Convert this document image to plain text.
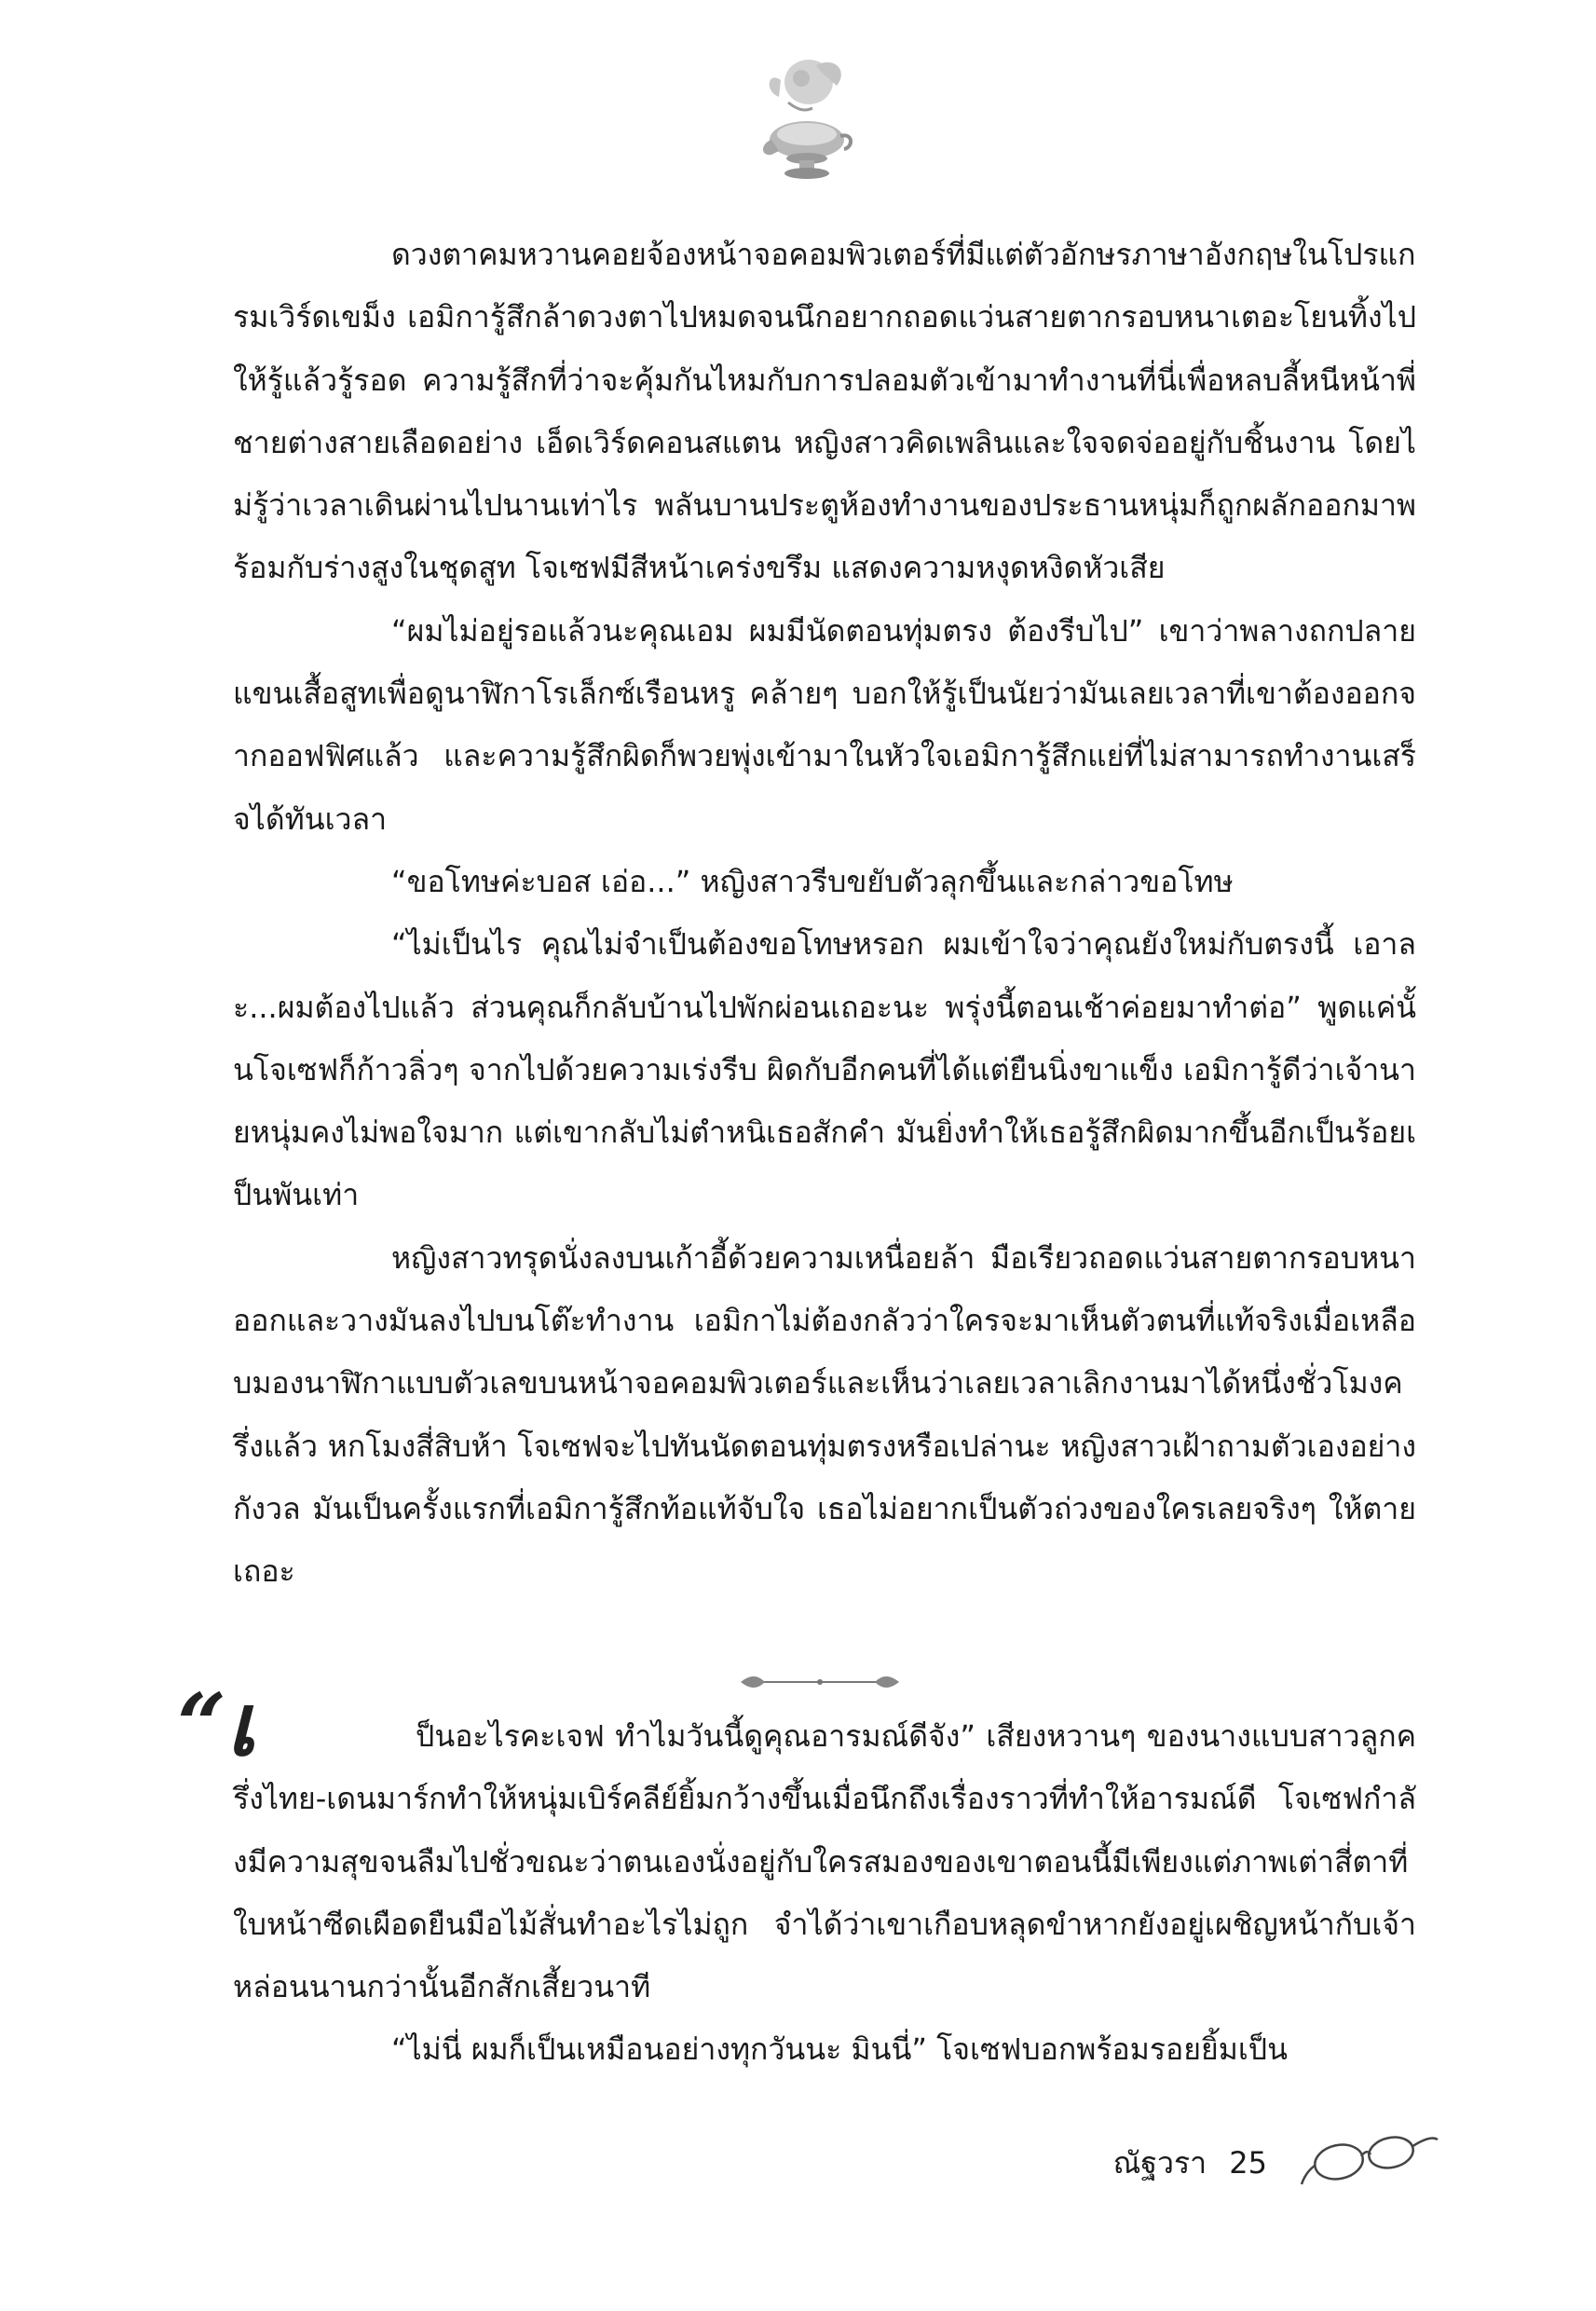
ดวงตาคมหวานคอยจ้องหน้าจอคอมพิวเตอร์ที่มีแต่ตัวอักษรภาษาอังกฤษในโปรแกรมเวิร์ดเขม็ง เอมิการู้สึกล้าดวงตาไปหมดจนนึกอยากถอดแว่นสายตากรอบหนาเตอะโยนทิ้งไปให้รู้แล้วรู้รอด ความรู้สึกที่ว่าจะคุ้มกันไหมกับการปลอมตัวเข้ามาทำงานที่นี่เพื่อหลบลี้หนีหน้าพี่ชายต่างสายเลือดอย่าง เอ็ดเวิร์ดคอนสแตน หญิงสาวคิดเพลินและใจจดจ่ออยู่กับชิ้นงาน โดยไม่รู้ว่าเวลาเดินผ่านไปนานเท่าไร พลันบานประตูห้องทำงานของประธานหนุ่มก็ถูกผลักออกมาพร้อมกับร่างสูงในชุดสูท โจเซฟมีสีหน้าเคร่งขรึม แสดงความหงุดหงิดหัวเสีย

“ผมไม่อยู่รอแล้วนะคุณเอม ผมมีนัดตอนทุ่มตรง ต้องรีบไป” เขาว่าพลางถกปลายแขนเสื้อสูทเพื่อดูนาฬิกาโรเล็กซ์เรือนหรู คล้ายๆ บอกให้รู้เป็นนัยว่ามันเลยเวลาที่เขาต้องออกจากออฟฟิศแล้ว และความรู้สึกผิดก็พวยพุ่งเข้ามาในหัวใจเอมิการู้สึกแย่ที่ไม่สามารถทำงานเสร็จได้ทันเวลา

“ขอโทษค่ะบอส เอ่อ...” หญิงสาวรีบขยับตัวลุกขึ้นและกล่าวขอโทษ

“ไม่เป็นไร คุณไม่จำเป็นต้องขอโทษหรอก ผมเข้าใจว่าคุณยังใหม่กับตรงนี้ เอาละ...ผมต้องไปแล้ว ส่วนคุณก็กลับบ้านไปพักผ่อนเถอะนะ พรุ่งนี้ตอนเช้าค่อยมาทำต่อ” พูดแค่นั้นโจเซฟก็ก้าวลิ่วๆ จากไปด้วยความเร่งรีบ ผิดกับอีกคนที่ได้แต่ยืนนิ่งขาแข็ง เอมิการู้ดีว่าเจ้านายหนุ่มคงไม่พอใจมาก แต่เขากลับไม่ตำหนิเธอสักคำ มันยิ่งทำให้เธอรู้สึกผิดมากขึ้นอีกเป็นร้อยเป็นพันเท่า

หญิงสาวทรุดนั่งลงบนเก้าอี้ด้วยความเหนื่อยล้า มือเรียวถอดแว่นสายตากรอบหนาออกและวางมันลงไปบนโต๊ะทำงาน เอมิกาไม่ต้องกลัวว่าใครจะมาเห็นตัวตนที่แท้จริงเมื่อเหลือบมองนาฬิกาแบบตัวเลขบนหน้าจอคอมพิวเตอร์และเห็นว่าเลยเวลาเลิกงานมาได้หนึ่งชั่วโมงครึ่งแล้ว หกโมงสี่สิบห้า โจเซฟจะไปทันนัดตอนทุ่มตรงหรือเปล่านะ หญิงสาวเฝ้าถามตัวเองอย่างกังวล มันเป็นครั้งแรกที่เอมิการู้สึกท้อแท้จับใจ เธอไม่อยากเป็นตัวถ่วงของใครเลยจริงๆ ให้ตายเถอะ

“เ	ป็นอะไรคะเจฟ ทำไมวันนี้ดูคุณอารมณ์ดีจัง” เสียงหวานๆ ของนางแบบสาวลูกครึ่งไทย-เดนมาร์กทำให้หนุ่มเบิร์คลีย์ยิ้มกว้างขึ้นเมื่อนึกถึงเรื่องราวที่ทำให้อารมณ์ดี โจเซฟกำลังมีความสุขจนลืมไปชั่วขณะว่าตนเองนั่งอยู่กับใครสมองของเขาตอนนี้มีเพียงแต่ภาพเต่าสี่ตาที่ใบหน้าซีดเผือดยืนมือไม้สั่นทำอะไรไม่ถูก จำได้ว่าเขาเกือบหลุดขำหากยังอยู่เผชิญหน้ากับเจ้าหล่อนนานกว่านั้นอีกสักเสี้ยวนาที

“ไม่นี่ ผมก็เป็นเหมือนอย่างทุกวันนะ มินนี่” โจเซฟบอกพร้อมรอยยิ้มเป็น

ณัฐวรา 25
